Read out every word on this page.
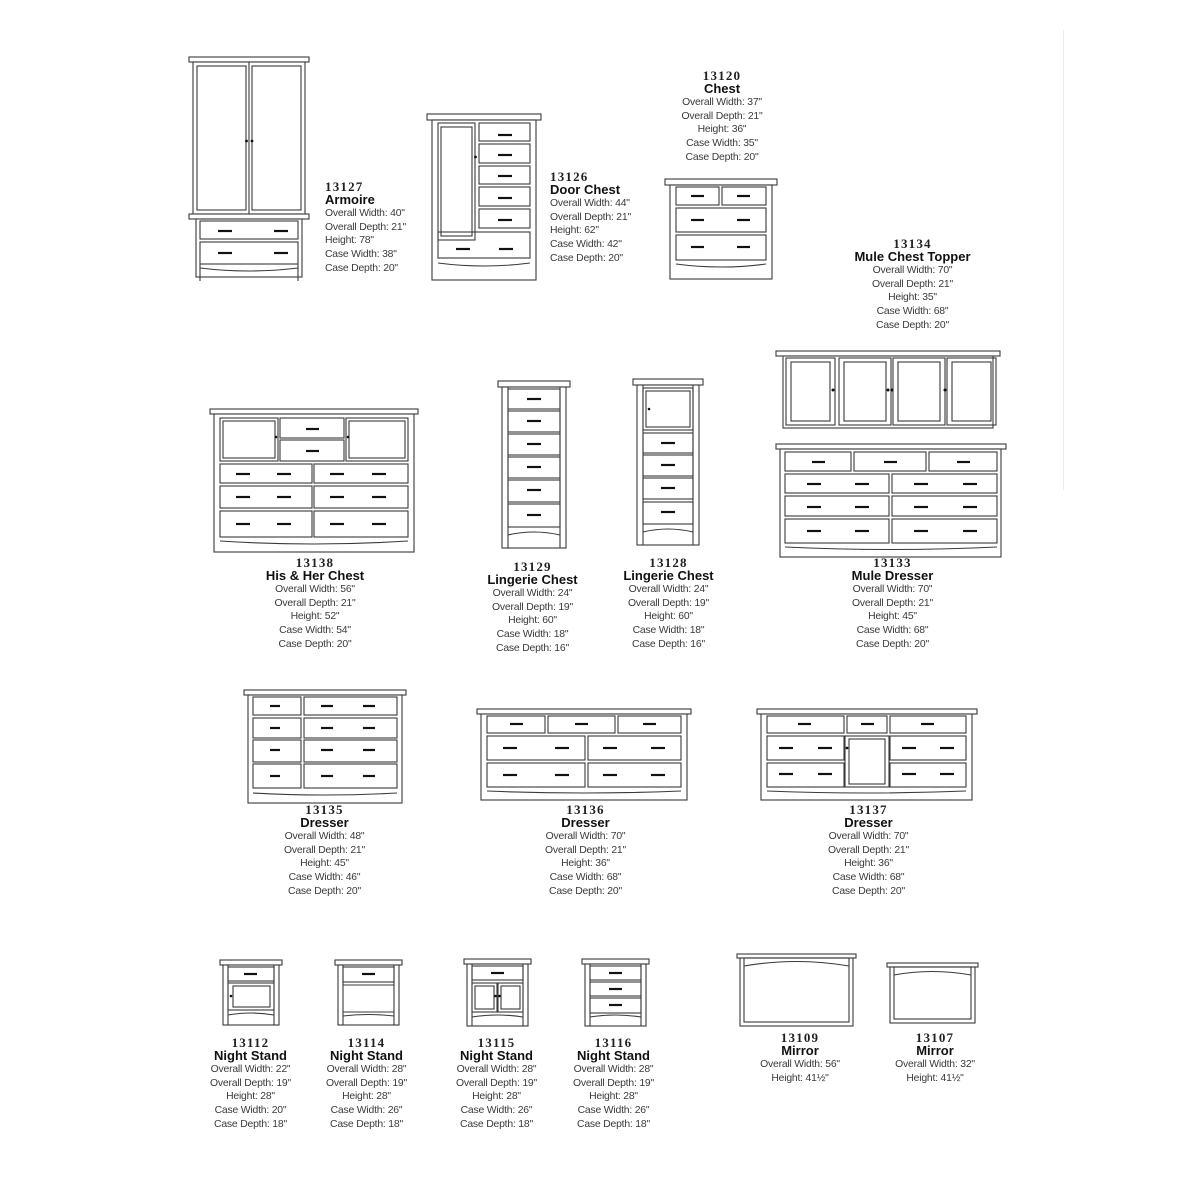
13127
Armoire
Overall Width: 40"
Overall Depth: 21"
Height: 78"
Case Width: 38"
Case Depth: 20"
13126
Door Chest
Overall Width: 44"
Overall Depth: 21"
Height: 62"
Case Width: 42"
Case Depth: 20"
13120
Chest
Overall Width: 37"
Overall Depth: 21"
Height: 36"
Case Width: 35"
Case Depth: 20"
13134
Mule Chest Topper
Overall Width: 70"
Overall Depth: 21"
Height: 35"
Case Width: 68"
Case Depth: 20"
13138
His & Her Chest
Overall Width: 56"
Overall Depth: 21"
Height: 52"
Case Width: 54"
Case Depth: 20"
13129
Lingerie Chest
Overall Width: 24"
Overall Depth: 19"
Height: 60"
Case Width: 18"
Case Depth: 16"
13128
Lingerie Chest
Overall Width: 24"
Overall Depth: 19"
Height: 60"
Case Width: 18"
Case Depth: 16"
13133
Mule Dresser
Overall Width: 70"
Overall Depth: 21"
Height: 45"
Case Width: 68"
Case Depth: 20"
13135
Dresser
Overall Width: 48"
Overall Depth: 21"
Height: 45"
Case Width: 46"
Case Depth: 20"
13136
Dresser
Overall Width: 70"
Overall Depth: 21"
Height: 36"
Case Width: 68"
Case Depth: 20"
13137
Dresser
Overall Width: 70"
Overall Depth: 21"
Height: 36"
Case Width: 68"
Case Depth: 20"
13112
Night Stand
Overall Width: 22"
Overall Depth: 19"
Height: 28"
Case Width: 20"
Case Depth: 18"
13114
Night Stand
Overall Width: 28"
Overall Depth: 19"
Height: 28"
Case Width: 26"
Case Depth: 18"
13115
Night Stand
Overall Width: 28"
Overall Depth: 19"
Height: 28"
Case Width: 26"
Case Depth: 18"
13116
Night Stand
Overall Width: 28"
Overall Depth: 19"
Height: 28"
Case Width: 26"
Case Depth: 18"
13109
Mirror
Overall Width: 56"
Height: 41½"
13107
Mirror
Overall Width: 32"
Height: 41½"
